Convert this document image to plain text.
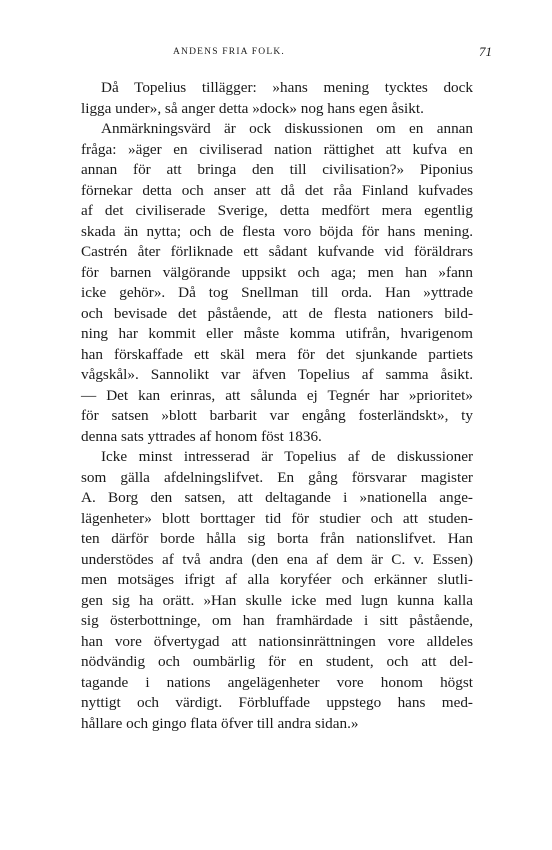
ANDENS FRIA FOLK.	71
Då Topelius tillägger: »hans mening tycktes dock
ligga under», så anger detta »dock» nog hans egen åsikt.
Anmärkningsvärd är ock diskussionen om en annan
fråga: »äger en civiliserad nation rättighet att kufva en
annan för att bringa den till civilisation?» Piponius
förnekar detta och anser att då det råa Finland kufvades
af det civiliserade Sverige, detta medfört mera egentlig
skada än nytta; och de flesta voro böjda för hans mening.
Castrén åter förliknade ett sådant kufvande vid föräldrars
för barnen välgörande uppsikt och aga; men han »fann
icke gehör». Då tog Snellman till orda. Han »yttrade
och bevisade det påstående, att de flesta nationers bild-
ning har kommit eller måste komma utifrån, hvarigenom
han förskaffade ett skäl mera för det sjunkande partiets
vågskål». Sannolikt var äfven Topelius af samma åsikt.
— Det kan erinras, att sålunda ej Tegnér har »prioritet»
för satsen »blott barbarit var engång fosterländskt», ty
denna sats yttrades af honom föst 1836.
Icke minst intresserad är Topelius af de diskussioner
som gälla afdelningslifvet. En gång försvarar magister
A. Borg den satsen, att deltagande i »nationella ange-
lägenheter» blott borttager tid för studier och att studen-
ten därför borde hålla sig borta från nationslifvet. Han
understödes af två andra (den ena af dem är C. v. Essen)
men motsäges ifrigt af alla koryféer och erkänner slutli-
gen sig ha orätt. »Han skulle icke med lugn kunna kalla
sig österbottninge, om han framhärdade i sitt påstående,
han vore öfvertygad att nationsinrättningen vore alldeles
nödvändig och oumbärlig för en student, och att del-
tagande i nations angelägenheter vore honom högst
nyttigt och värdigt. Förbluffade uppstego hans med-
hållare och gingo flata öfver till andra sidan.»
